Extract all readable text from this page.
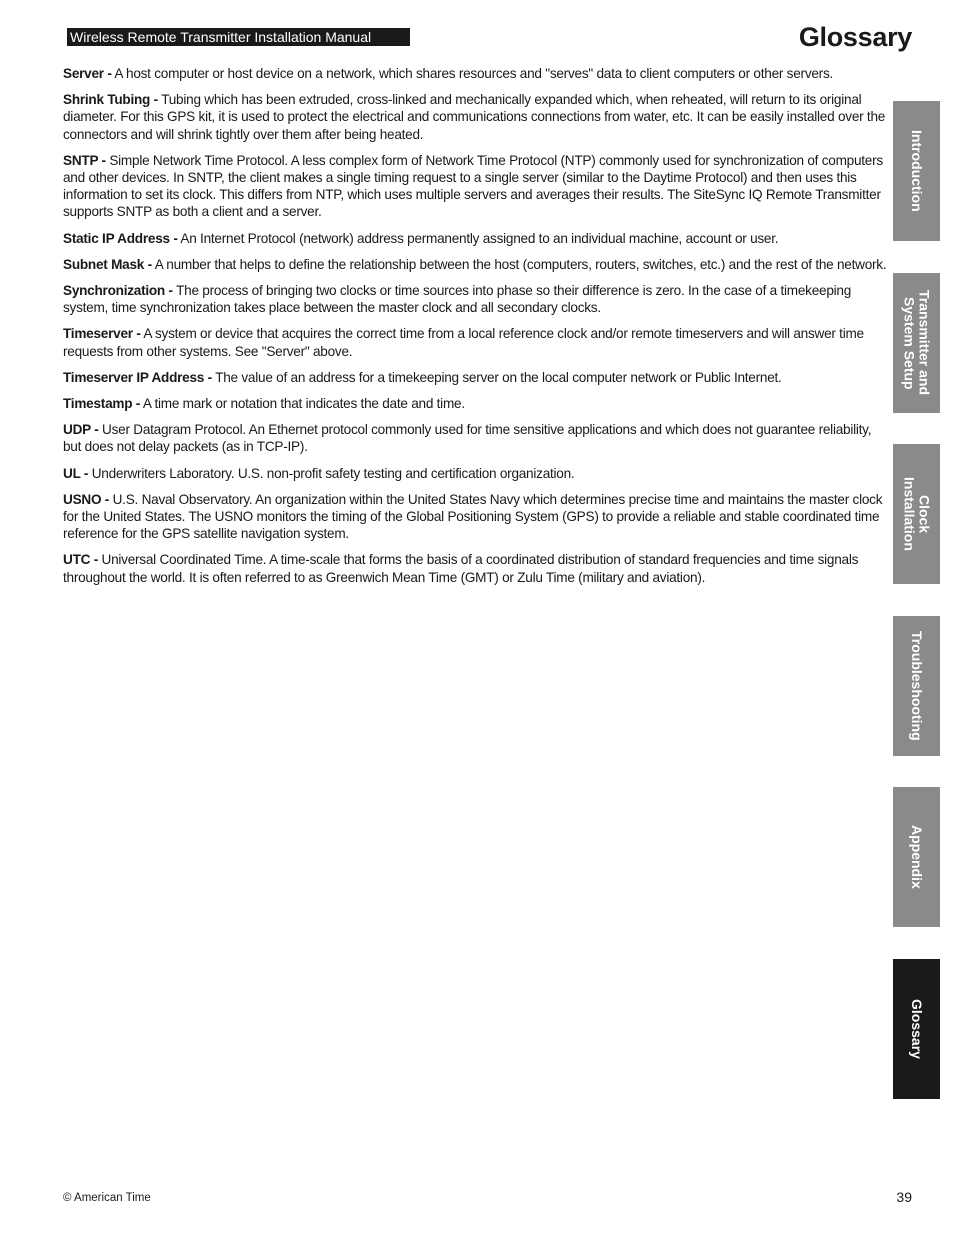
Wireless Remote Transmitter Installation Manual	Glossary

Server - A host computer or host device on a network, which shares resources and "serves" data to client computers or other servers.

Shrink Tubing - Tubing which has been extruded, cross-linked and mechanically expanded which, when reheated, will return to its original diameter. For this GPS kit, it is used to protect the electrical and communications connections from water, etc. It can be easily installed over the connectors and will shrink tightly over them after being heated.

SNTP - Simple Network Time Protocol. A less complex form of Network Time Protocol (NTP) commonly used for synchronization of computers and other devices. In SNTP, the client makes a single timing request to a single server (similar to the Daytime Protocol) and then uses this information to set its clock. This differs from NTP, which uses multiple servers and averages their results. The SiteSync IQ Remote Transmitter supports SNTP as both a client and a server.

Static IP Address - An Internet Protocol (network) address permanently assigned to an individual machine, account or user.

Subnet Mask - A number that helps to define the relationship between the host (computers, routers, switches, etc.) and the rest of the network.

Synchronization - The process of bringing two clocks or time sources into phase so their difference is zero. In the case of a timekeeping system, time synchronization takes place between the master clock and all secondary clocks.

Timeserver - A system or device that acquires the correct time from a local reference clock and/or remote timeservers and will answer time requests from other systems. See "Server" above.

Timeserver IP Address - The value of an address for a timekeeping server on the local computer network or Public Internet.

Timestamp - A time mark or notation that indicates the date and time.

UDP - User Datagram Protocol. An Ethernet protocol commonly used for time sensitive applications and which does not guarantee reliability, but does not delay packets (as in TCP-IP).

UL - Underwriters Laboratory. U.S. non-profit safety testing and certification organization.

USNO - U.S. Naval Observatory. An organization within the United States Navy which determines precise time and maintains the master clock for the United States. The USNO monitors the timing of the Global Positioning System (GPS) to provide a reliable and stable coordinated time reference for the GPS satellite navigation system.

UTC - Universal Coordinated Time. A time-scale that forms the basis of a coordinated distribution of standard frequencies and time signals throughout the world. It is often referred to as Greenwich Mean Time (GMT) or Zulu Time (military and aviation).

Introduction
Transmitter and
System Setup
Clock
Installation
Troubleshooting
Appendix
Glossary
© American Time	39
